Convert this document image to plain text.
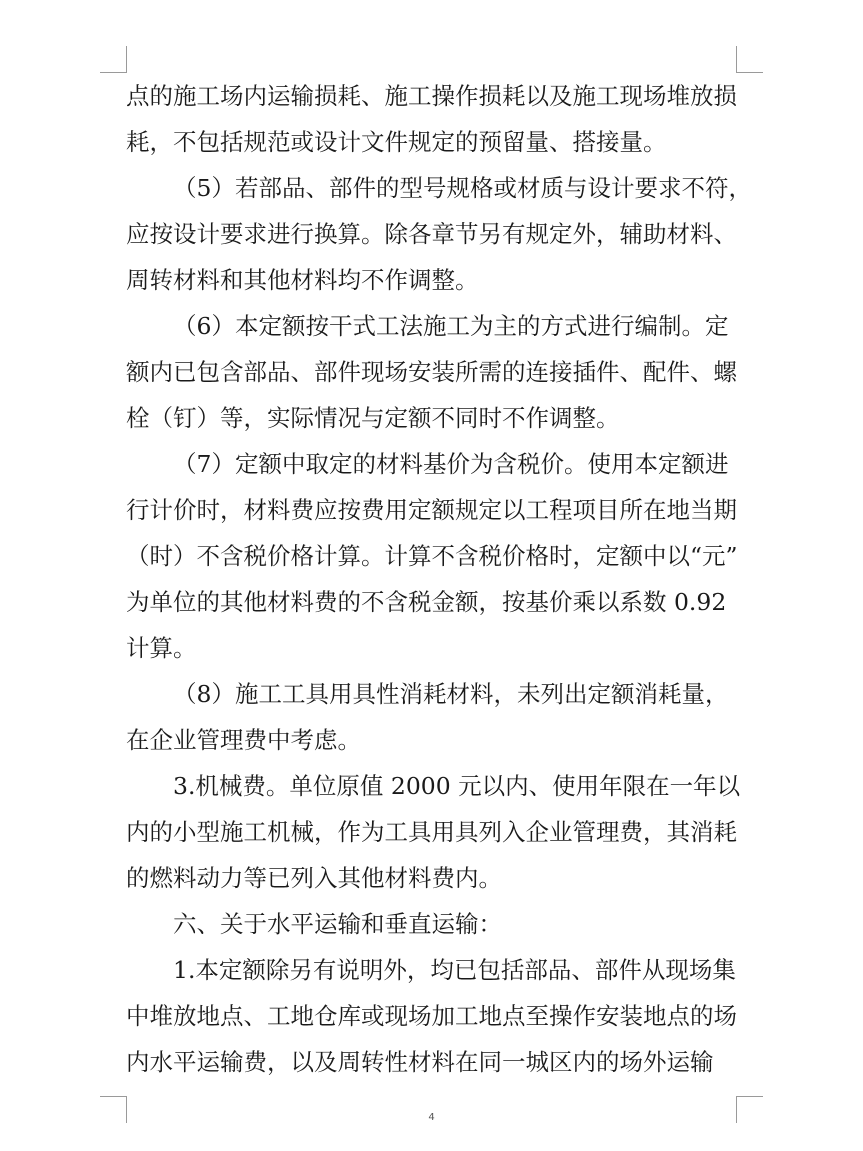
点的施工场内运输损耗、施工操作损耗以及施工现场堆放损
耗，不包括规范或设计文件规定的预留量、搭接量。
（5）若部品、部件的型号规格或材质与设计要求不符，
应按设计要求进行换算。除各章节另有规定外，辅助材料、
周转材料和其他材料均不作调整。
（6）本定额按干式工法施工为主的方式进行编制。定
额内已包含部品、部件现场安装所需的连接插件、配件、螺
栓（钉）等，实际情况与定额不同时不作调整。
（7）定额中取定的材料基价为含税价。使用本定额进
行计价时，材料费应按费用定额规定以工程项目所在地当期
（时）不含税价格计算。计算不含税价格时，定额中以“元”
为单位的其他材料费的不含税金额，按基价乘以系数 0.92
计算。
（8）施工工具用具性消耗材料，未列出定额消耗量，
在企业管理费中考虑。
3.机械费。单位原值 2000 元以内、使用年限在一年以
内的小型施工机械，作为工具用具列入企业管理费，其消耗
的燃料动力等已列入其他材料费内。
六、关于水平运输和垂直运输：
1.本定额除另有说明外，均已包括部品、部件从现场集
中堆放地点、工地仓库或现场加工地点至操作安装地点的场
内水平运输费，以及周转性材料在同一城区内的场外运输
4
